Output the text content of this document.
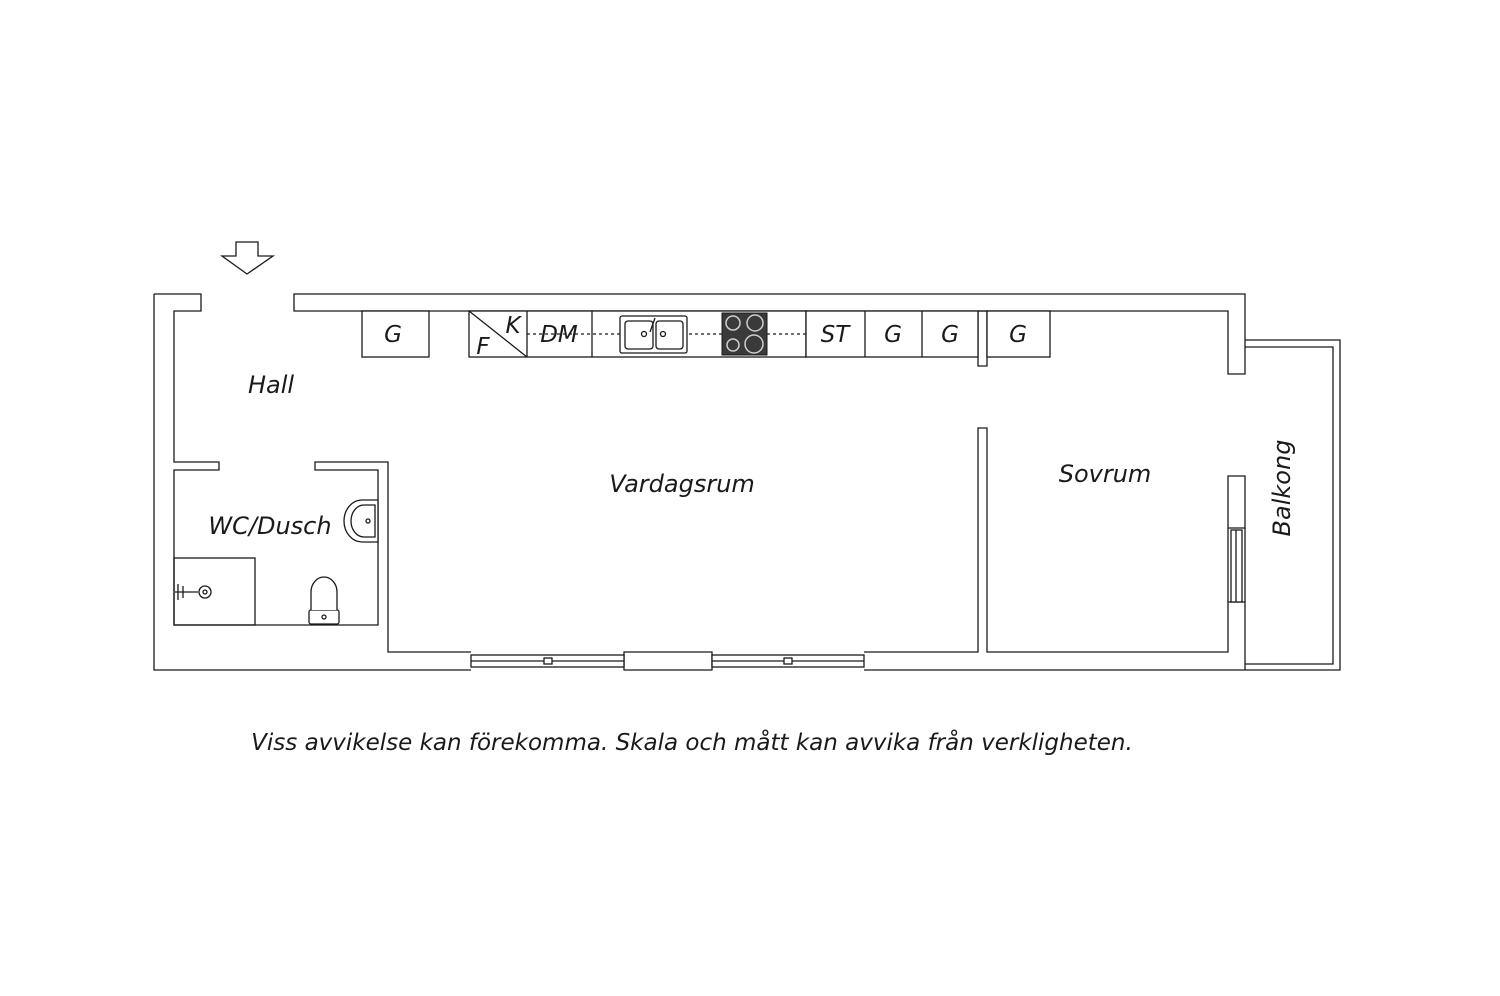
G	F
K DM	ST G G G
Hall
WC/Dusch
Vardagsrum	Sovrum	Balkong
Viss avvikelse kan förekomma. Skala och mått kan avvika från verkligheten.
